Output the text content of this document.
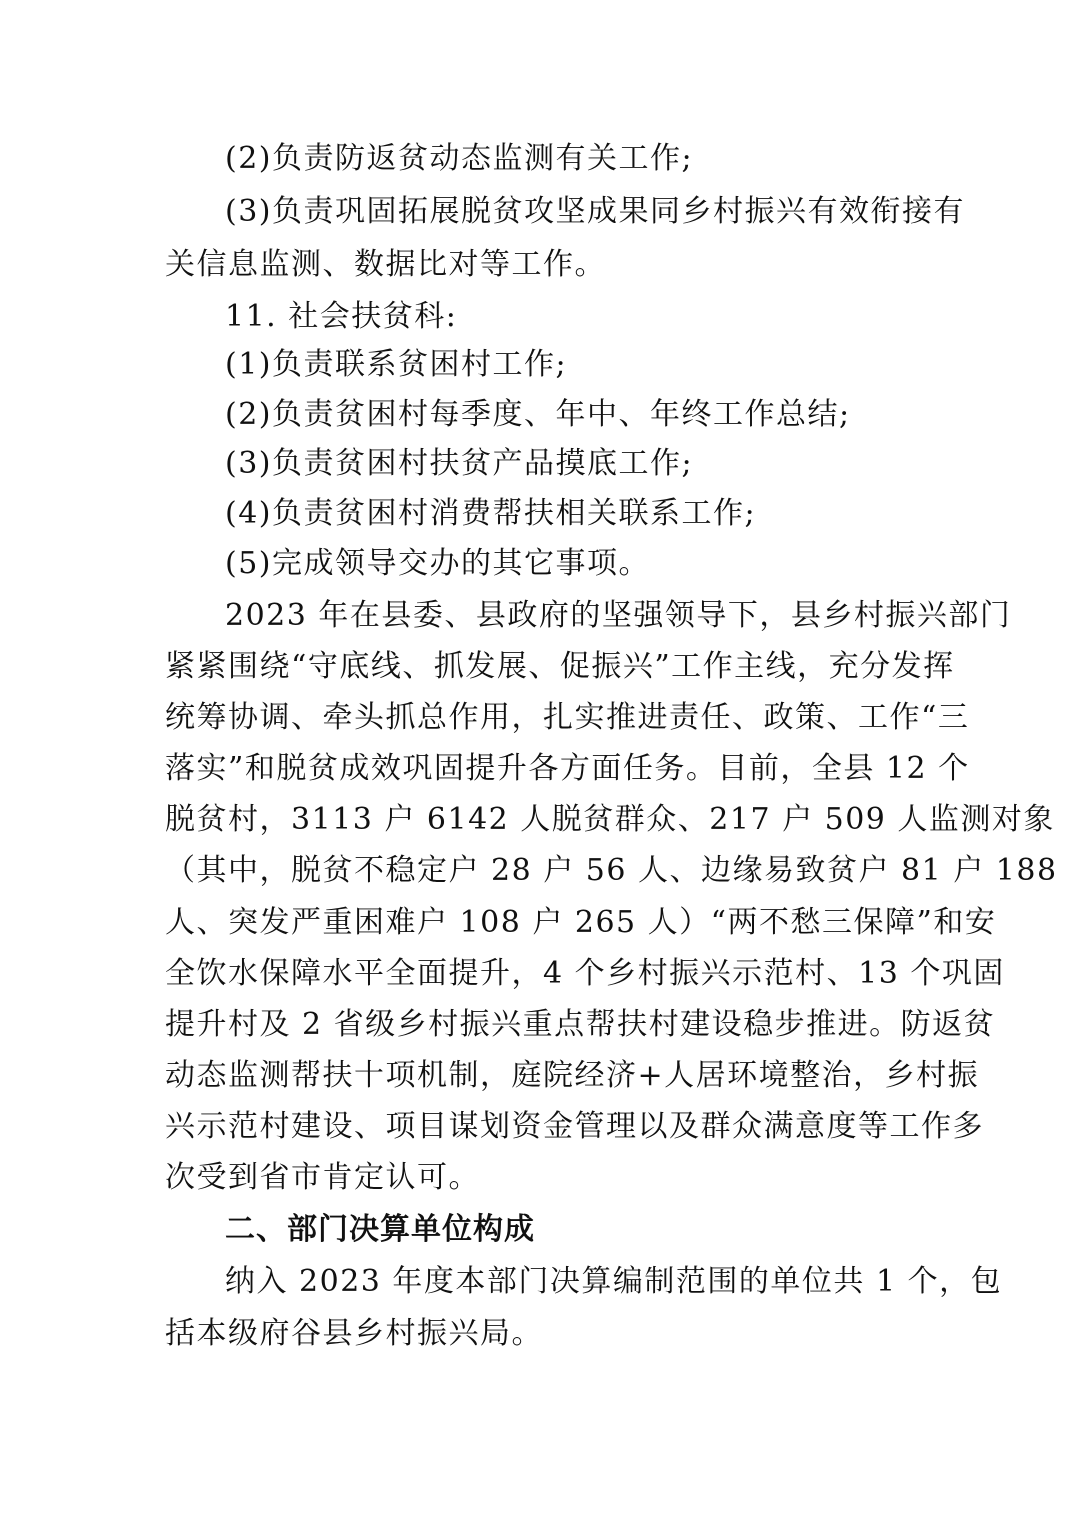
(2)负责防返贫动态监测有关工作;
(3)负责巩固拓展脱贫攻坚成果同乡村振兴有效衔接有
关信息监测、数据比对等工作。
11. 社会扶贫科:
(1)负责联系贫困村工作;
(2)负责贫困村每季度、年中、年终工作总结;
(3)负责贫困村扶贫产品摸底工作;
(4)负责贫困村消费帮扶相关联系工作;
(5)完成领导交办的其它事项。
2023 年在县委、县政府的坚强领导下，县乡村振兴部门
紧紧围绕“守底线、抓发展、促振兴”工作主线，充分发挥
统筹协调、牵头抓总作用，扎实推进责任、政策、工作“三
落实”和脱贫成效巩固提升各方面任务。目前，全县 12 个
脱贫村，3113 户 6142 人脱贫群众、217 户 509 人监测对象
（其中，脱贫不稳定户 28 户 56 人、边缘易致贫户 81 户 188
人、突发严重困难户 108 户 265 人）“两不愁三保障”和安
全饮水保障水平全面提升，4 个乡村振兴示范村、13 个巩固
提升村及 2 省级乡村振兴重点帮扶村建设稳步推进。防返贫
动态监测帮扶十项机制，庭院经济+人居环境整治，乡村振
兴示范村建设、项目谋划资金管理以及群众满意度等工作多
次受到省市肯定认可。
二、部门决算单位构成
纳入 2023 年度本部门决算编制范围的单位共 1 个，包
括本级府谷县乡村振兴局。
